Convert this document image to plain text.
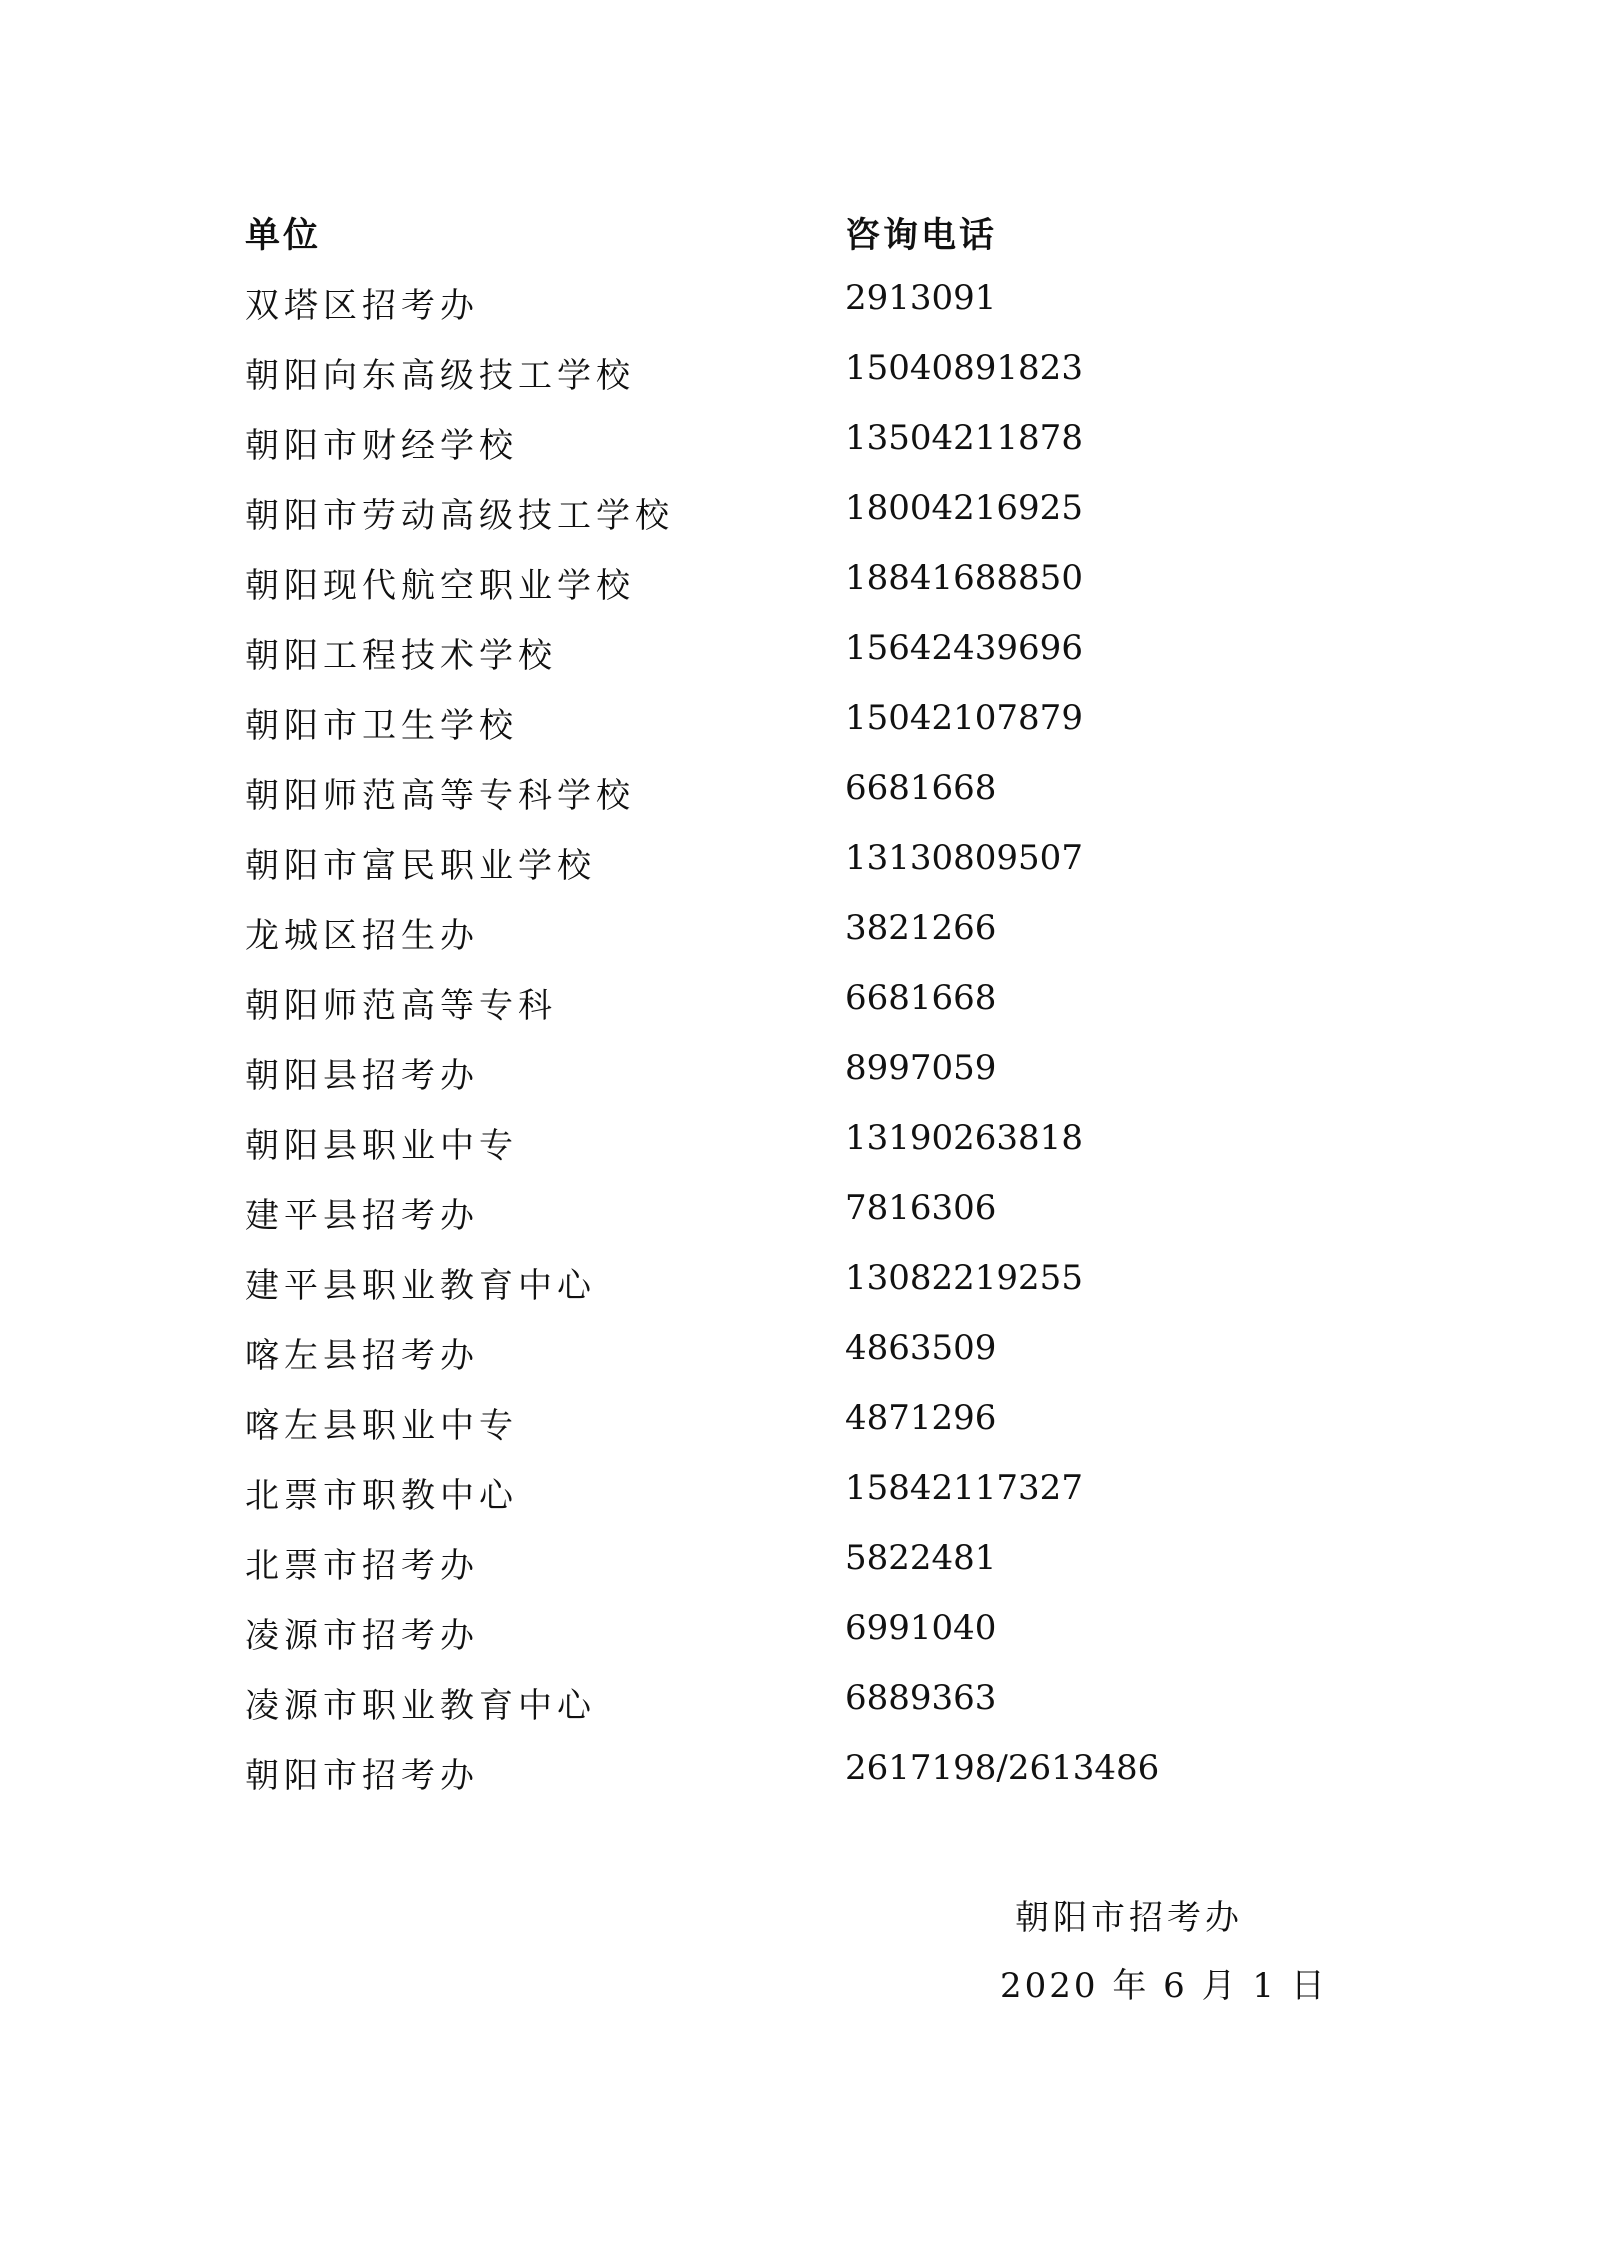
单位	咨询电话
双塔区招考办	2913091
朝阳向东高级技工学校	15040891823
朝阳市财经学校	13504211878
朝阳市劳动高级技工学校	18004216925
朝阳现代航空职业学校	18841688850
朝阳工程技术学校	15642439696
朝阳市卫生学校	15042107879
朝阳师范高等专科学校	6681668
朝阳市富民职业学校	13130809507
龙城区招生办	3821266
朝阳师范高等专科	6681668
朝阳县招考办	8997059
朝阳县职业中专	13190263818
建平县招考办	7816306
建平县职业教育中心	13082219255
喀左县招考办	4863509
喀左县职业中专	4871296
北票市职教中心	15842117327
北票市招考办	5822481
凌源市招考办	6991040
凌源市职业教育中心	6889363
朝阳市招考办	2617198/2613486
朝阳市招考办
2020 年 6 月 1 日
